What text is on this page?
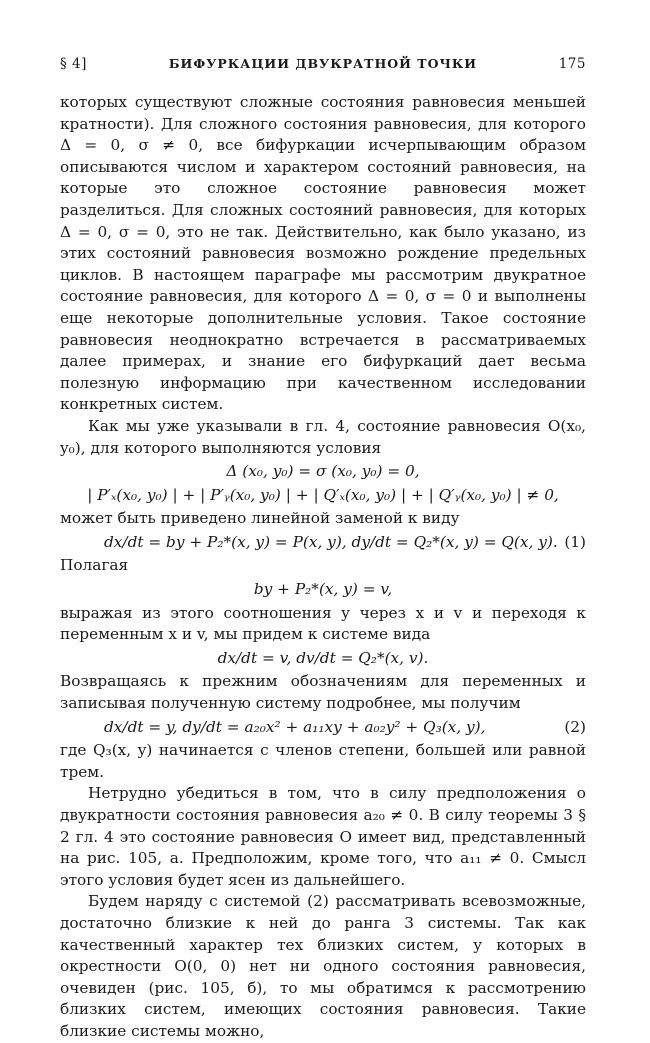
§ 4]	БИФУРКАЦИИ ДВУКРАТНОЙ ТОЧКИ	175

которых существуют сложные состояния равновесия меньшей кратности). Для сложного состояния равновесия, для которого Δ = 0, σ ≠ 0, все бифуркации исчерпывающим образом описываются числом и характером состояний равновесия, на которые это сложное состояние равновесия может разделиться. Для сложных состояний равновесия, для которых Δ = 0, σ = 0, это не так. Действительно, как было указано, из этих состояний равновесия возможно рождение предельных циклов. В настоящем параграфе мы рассмотрим двукратное состояние равновесия, для которого Δ = 0, σ = 0 и выполнены еще некоторые дополнительные условия. Такое состояние равновесия неоднократно встречается в рассматриваемых далее примерах, и знание его бифуркаций дает весьма полезную информацию при качественном исследовании конкретных систем.

Как мы уже указывали в гл. 4, состояние равновесия O(x₀, y₀), для которого выполняются условия

Δ (x₀, y₀) = σ (x₀, y₀) = 0,
| P′ₓ(x₀, y₀) | + | P′ᵧ(x₀, y₀) | + | Q′ₓ(x₀, y₀) | + | Q′ᵧ(x₀, y₀) | ≠ 0,

может быть приведено линейной заменой к виду

dx/dt = by + P₂*(x, y) = P(x, y), dy/dt = Q₂*(x, y) = Q(x, y). (1)

Полагая

by + P₂*(x, y) = v,

выражая из этого соотношения y через x и v и переходя к переменным x и v, мы придем к системе вида

dx/dt = v, dv/dt = Q₂*(x, v).

Возвращаясь к прежним обозначениям для переменных и записывая полученную систему подробнее, мы получим

dx/dt = y, dy/dt = a₂₀x² + a₁₁xy + a₀₂y² + Q₃(x, y),	(2)

где Q₃(x, y) начинается с членов степени, большей или равной трем.

Нетрудно убедиться в том, что в силу предположения о двукратности состояния равновесия a₂₀ ≠ 0. В силу теоремы 3 § 2 гл. 4 это состояние равновесия O имеет вид, представленный на рис. 105, а. Предположим, кроме того, что a₁₁ ≠ 0. Смысл этого условия будет ясен из дальнейшего.

Будем наряду с системой (2) рассматривать всевозможные, достаточно близкие к ней до ранга 3 системы. Так как качественный характер тех близких систем, у которых в окрестности O(0, 0) нет ни одного состояния равновесия, очевиден (рис. 105, б), то мы обратимся к рассмотрению близких систем, имеющих состояния равновесия. Такие близкие системы можно,
